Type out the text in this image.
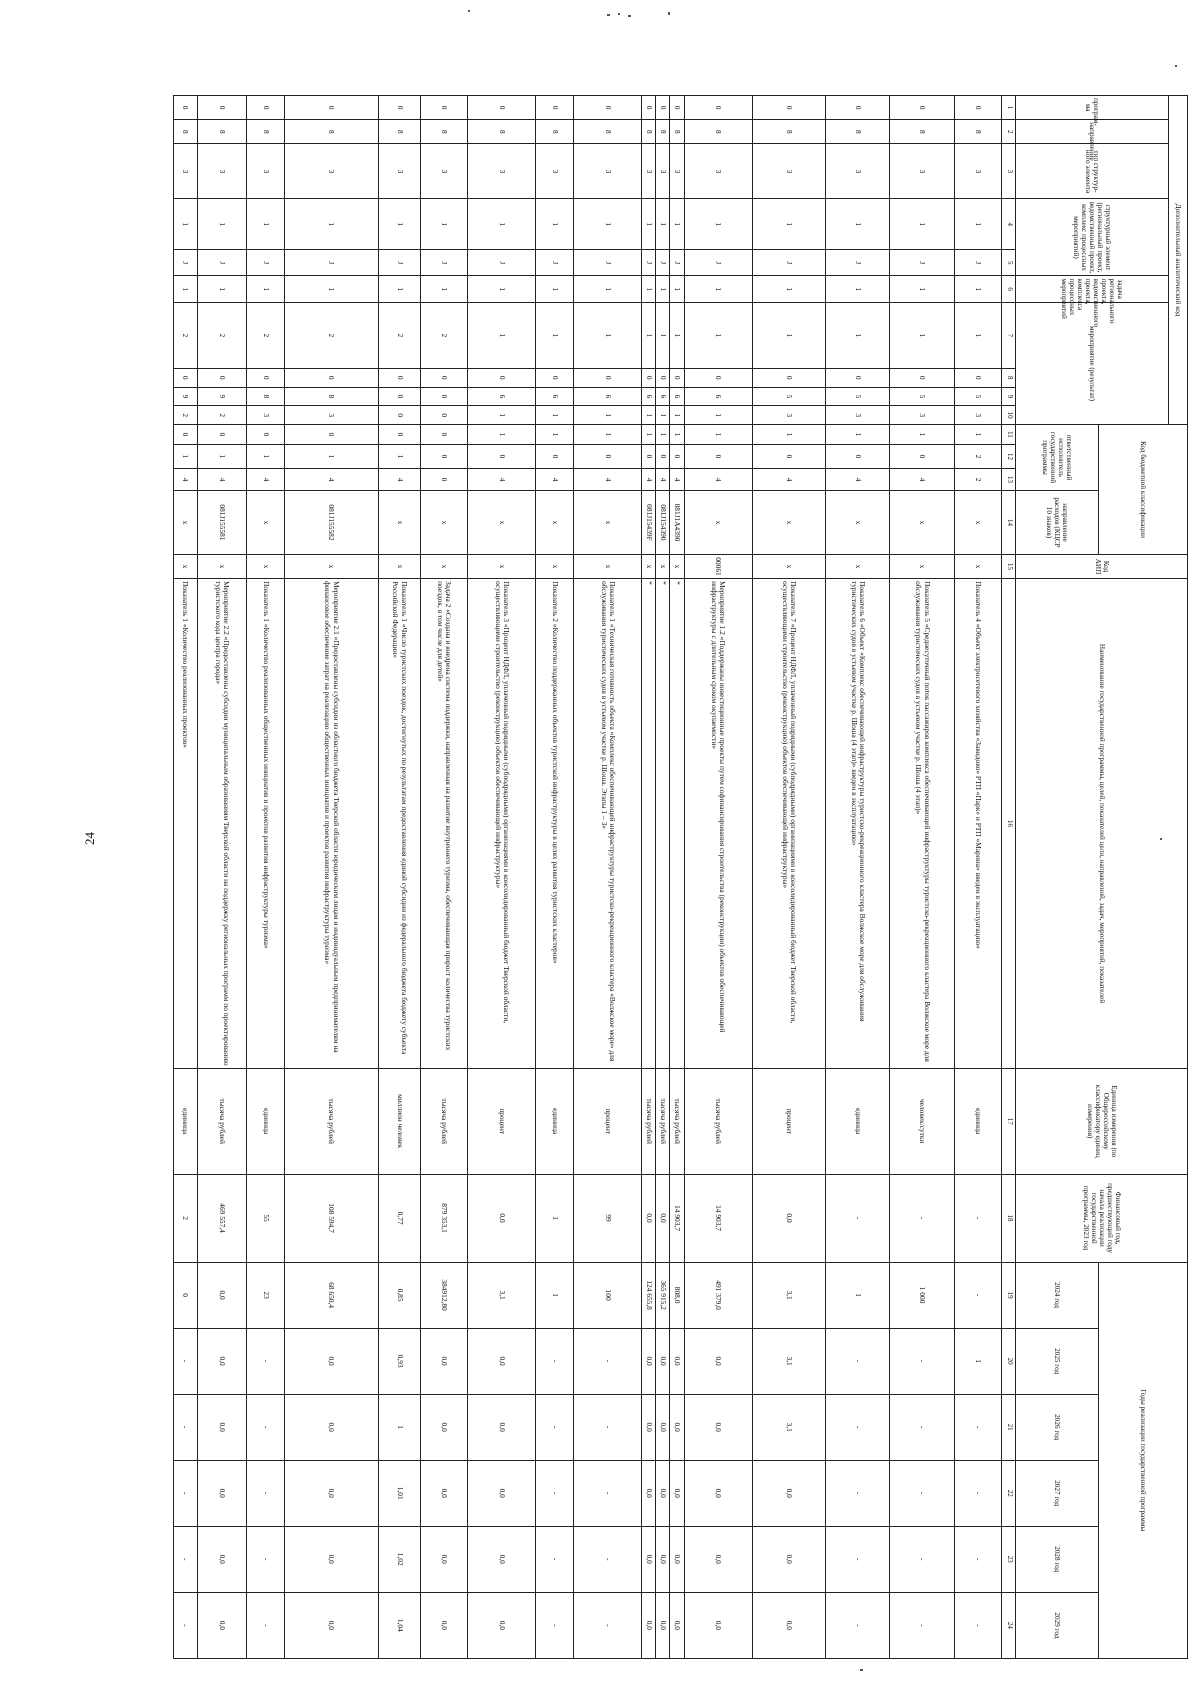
24
Дополнительный аналитический код										Код бюджетной классификации				Код АИП	Наименование государственной программы, целей, показателей цели, направлений, задач, мероприятий, показателей	Единица измерения (по Общероссийскому классификатору единиц измерения)	Финансовый год, предшествующий году начала реализации государственной программы, 2023 год	Годы реализации государственной программы					
програм- ма	направление	тип структур-ного элемента	структурный элемент (региональный проект, ведомственный проект, комплекс процессных мероприятий)		задача регионального проекта, ведомственного проекта, комплекса процессных мероприятий	мероприятие (результат)																	
										ответственный исполнитель государственной программы			направление расходов (КЦСР 10 знаков)					2024 год	2025 год	2026 год	2027 год	2028 год	2029 год
1	2	3	4	5	6	7	8	9	10	11	12	13	14	15	16	17	18	19	20	21	22	23	24
0	8	3	1	J	1	1	0	5	3	1	2	2	x	x	Показатель 4 «Объект электросетевого хозяйства «Завидово» РТП «Парк» и РТП «Марина» введен в эксплуатацию»	единица	-	-	1	-	-	-	-
0	8	3	1	J	1	1	0	5	3	1	0	4	x	x	Показатель 5 «Среднесуточный поток пассажиров комплекса обеспечивающей инфраструктуры туристско-рекреационного кластера Волжское море для обслуживания туристических судов в устьевом участке р. Шоша (4 этап)»	человек/сутки	-	1 000	-	-	-	-	-
0	8	3	1	J	1	1	0	5	3	1	0	4	x	x	Показатель 6 «Объект «Комплекс обеспечивающей инфраструктуры туристско-рекреационного кластера Волжское море для обслуживания туристических судов в устьевом участке р. Шоша (4 этап)» введен в эксплуатацию»	единица	-	1	-	-	-	-	-
0	8	3	1	J	1	1	0	5	3	1	0	4	x	x	Показатель 7 «Процент НДФЛ, уплаченный подрядными (субподрядными) организациями в консолидированный бюджет Тверской области, осуществляющими строительство (реконструкцию) объектов обеспечивающей инфраструктуры»	процент	0,0	3,1	3,1	3,1	0,0	0,0	0,0
0	8	3	1	J	1	1	0	6	1	1	0	4	x	00061	Мероприятие 1.2 «Поддержаны инвестиционные проекты путем софинансирования строительства (реконструкции) объектов обеспечивающей инфраструктуры с длительным сроком окупаемости»	тысяча рублей	14 903,7	491 379,0	0,0	0,0	0,0	0,0	0,0
0	8	3	1	J	1	1	0	6	1	1	0	4	081J1А4390	x	*	тысяча рублей	14 903,7	808,0	0,0	0,0	0,0	0,0	0,0
0	8	3	1	J	1	1	0	6	1	1	0	4	081J154390	x	*	тысяча рублей	0,0	365 915,2	0,0	0,0	0,0	0,0	0,0
0	8	3	1	J	1	1	0	6	1	1	0	4	081J15439F	x	*	тысяча рублей	0,0	124 655,8	0,0	0,0	0,0	0,0	0,0
0	8	3	1	J	1	1	0	6	1	1	0	4	x	x	Показатель 1 «Техническая готовность объекта «Комплекс обеспечивающей инфраструктуры туристско-рекреационного кластера «Волжское море» для обслуживания туристических судов в устьевом участке р. Шоша. Этапы 1 – 3»	процент	99	100	-	-	-	-	-
0	8	3	1	J	1	1	0	6	1	1	0	4	x	x	Показатель 2 «Количество поддержанных объектов туристской инфраструктуры в целях развития туристских кластеров»	единица	1	1	-	-	-	-	-
0	8	3	1	J	1	1	0	6	1	1	0	4	x	x	Показатель 3 «Процент НДФЛ, уплаченный подрядными (субподрядными) организациями в консолидированный бюджет Тверской области, осуществляющими строительство (реконструкцию) объектов обеспечивающей инфраструктуры»	процент	0,0	3,1	0,0	0,0	0,0	0,0	0,0
0	8	3	1	J	1	2	0	0	0	0	0	0	x	x	Задача 2 «Создана и внедрена система поддержки, направленная на развитие внутреннего туризма, обеспечивающая прирост количества туристских поездок, в том числе для детей»	тысяча рублей	879 353,1	384912,80	0,0	0,0	0,0	0,0	0,0
0	8	3	1	J	1	2	0	0	0	0	1	4	x	x	Показатель 1 «Число туристских поездок, достигнутых по результатам предоставления единой субсидии из федерального бюджета бюджету субъекта Российской Федерации»	миллион человек	0,77	0,85	0,93	1	1,01	1,02	1,04
0	8	3	1	J	1	2	0	8	3	0	1	4	081J155582	x	Мероприятие 2.1 «Предоставлены субсидии из областного бюджета Тверской области юридическим лицам и индивидуальным предпринимателям на финансовое обеспечение затрат на реализацию общественных инициатив и проектов развития инфраструктуры туризма»	тысяча рублей	108 594,7	68 650,4	0,0	0,0	0,0	0,0	0,0
0	8	3	1	J	1	2	0	8	3	0	1	4	x	x	Показатель 1 «Количество реализованных общественных инициатив и проектов развития инфраструктуры туризма»	единица	55	23	-	-	-	-	-
0	8	3	1	J	1	2	0	9	2	0	1	4	081J155581	x	Мероприятие 2.2 «Предоставлены субсидии муниципальным образованиям Тверской области на поддержку региональных программ по проектированию туристского кода центра города»	тысяча рублей	469 557,4	0,0	0,0	0,0	0,0	0,0	0,0
0	8	3	1	J	1	2	0	9	2	0	1	4	x	x	Показатель 1 «Количество реализованных проектов»	единица	2	0	-	-	-	-	-
